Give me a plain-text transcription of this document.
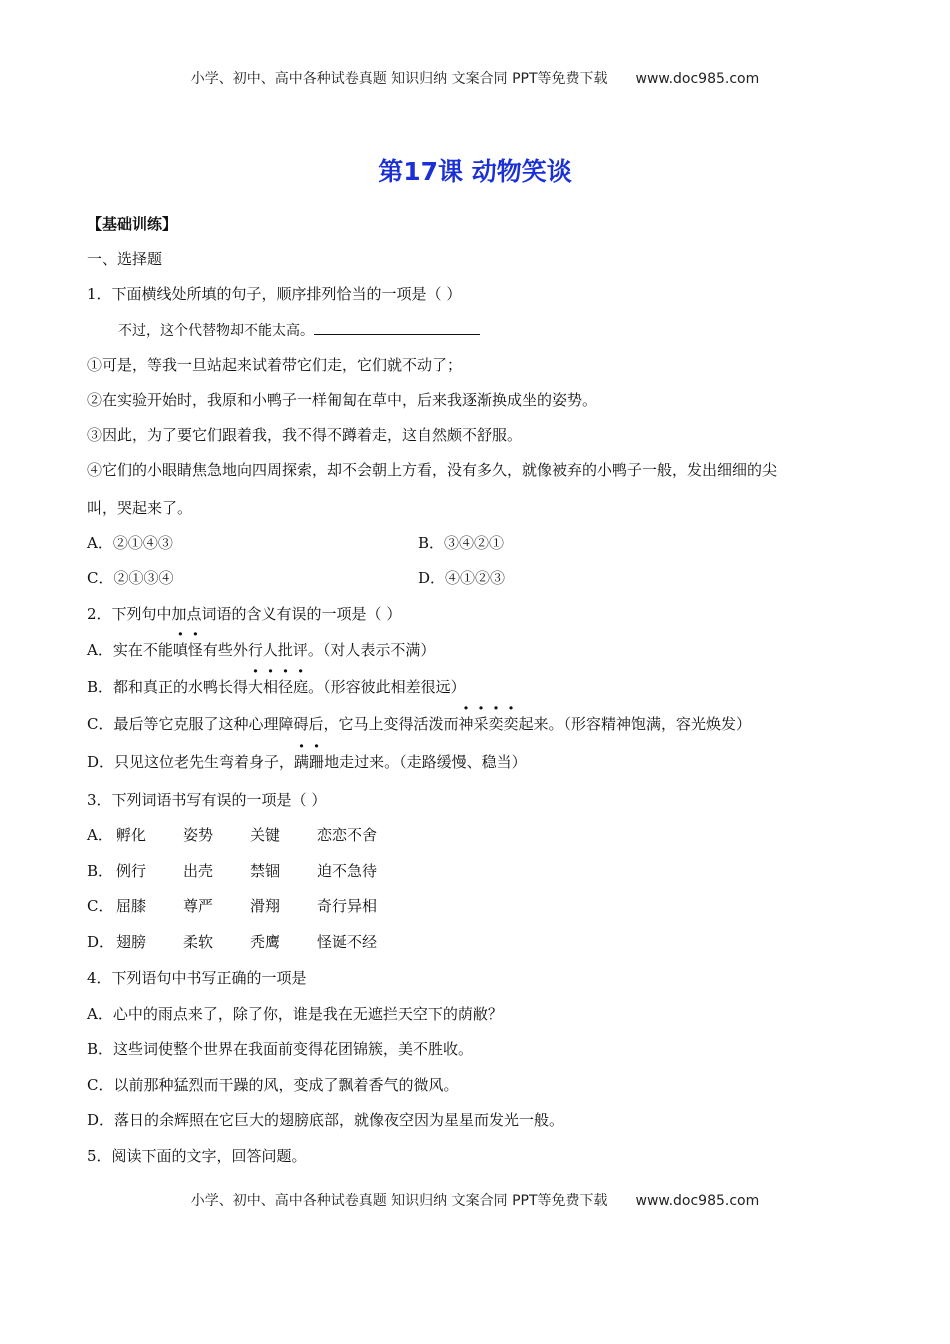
小学、初中、高中各种试卷真题 知识归纳 文案合同 PPT等免费下载 www.doc985.com
第17课 动物笑谈
【基础训练】
一、选择题
1．下面横线处所填的句子，顺序排列恰当的一项是（ ）
不过，这个代替物却不能太高。
①可是，等我一旦站起来试着带它们走，它们就不动了；
②在实验开始时，我原和小鸭子一样匍匐在草中，后来我逐渐换成坐的姿势。
③因此，为了要它们跟着我，我不得不蹲着走，这自然颇不舒服。
④它们的小眼睛焦急地向四周探索，却不会朝上方看，没有多久，就像被弃的小鸭子一般，发出细细的尖
叫，哭起来了。
A．②①④③	B．③④②①
C．②①③④	D．④①②③
2．下列句中加点词语的含义有误的一项是（ ）
A．实在不能嗔怪有些外行人批评。（对人表示不满）
B．都和真正的水鸭长得大相径庭。（形容彼此相差很远）
C．最后等它克服了这种心理障碍后，它马上变得活泼而神采奕奕起来。（形容精神饱满，容光焕发）
D．只见这位老先生弯着身子，蹒跚地走过来。（走路缓慢、稳当）
3．下列词语书写有误的一项是（ ）
A． 孵化 姿势 关键 恋恋不舍
B． 例行 出壳 禁锢 迫不急待
C． 屈膝 尊严 滑翔 奇行异相
D． 翅膀 柔软 秃鹰 怪诞不经
4．下列语句中书写正确的一项是
A．心中的雨点来了，除了你，谁是我在无遮拦天空下的荫敝？
B．这些词使整个世界在我面前变得花团锦簇，美不胜收。
C．以前那种猛烈而干躁的风，变成了飘着香气的微风。
D．落日的余辉照在它巨大的翅膀底部，就像夜空因为星星而发光一般。
5．阅读下面的文字，回答问题。
小学、初中、高中各种试卷真题 知识归纳 文案合同 PPT等免费下载 www.doc985.com
